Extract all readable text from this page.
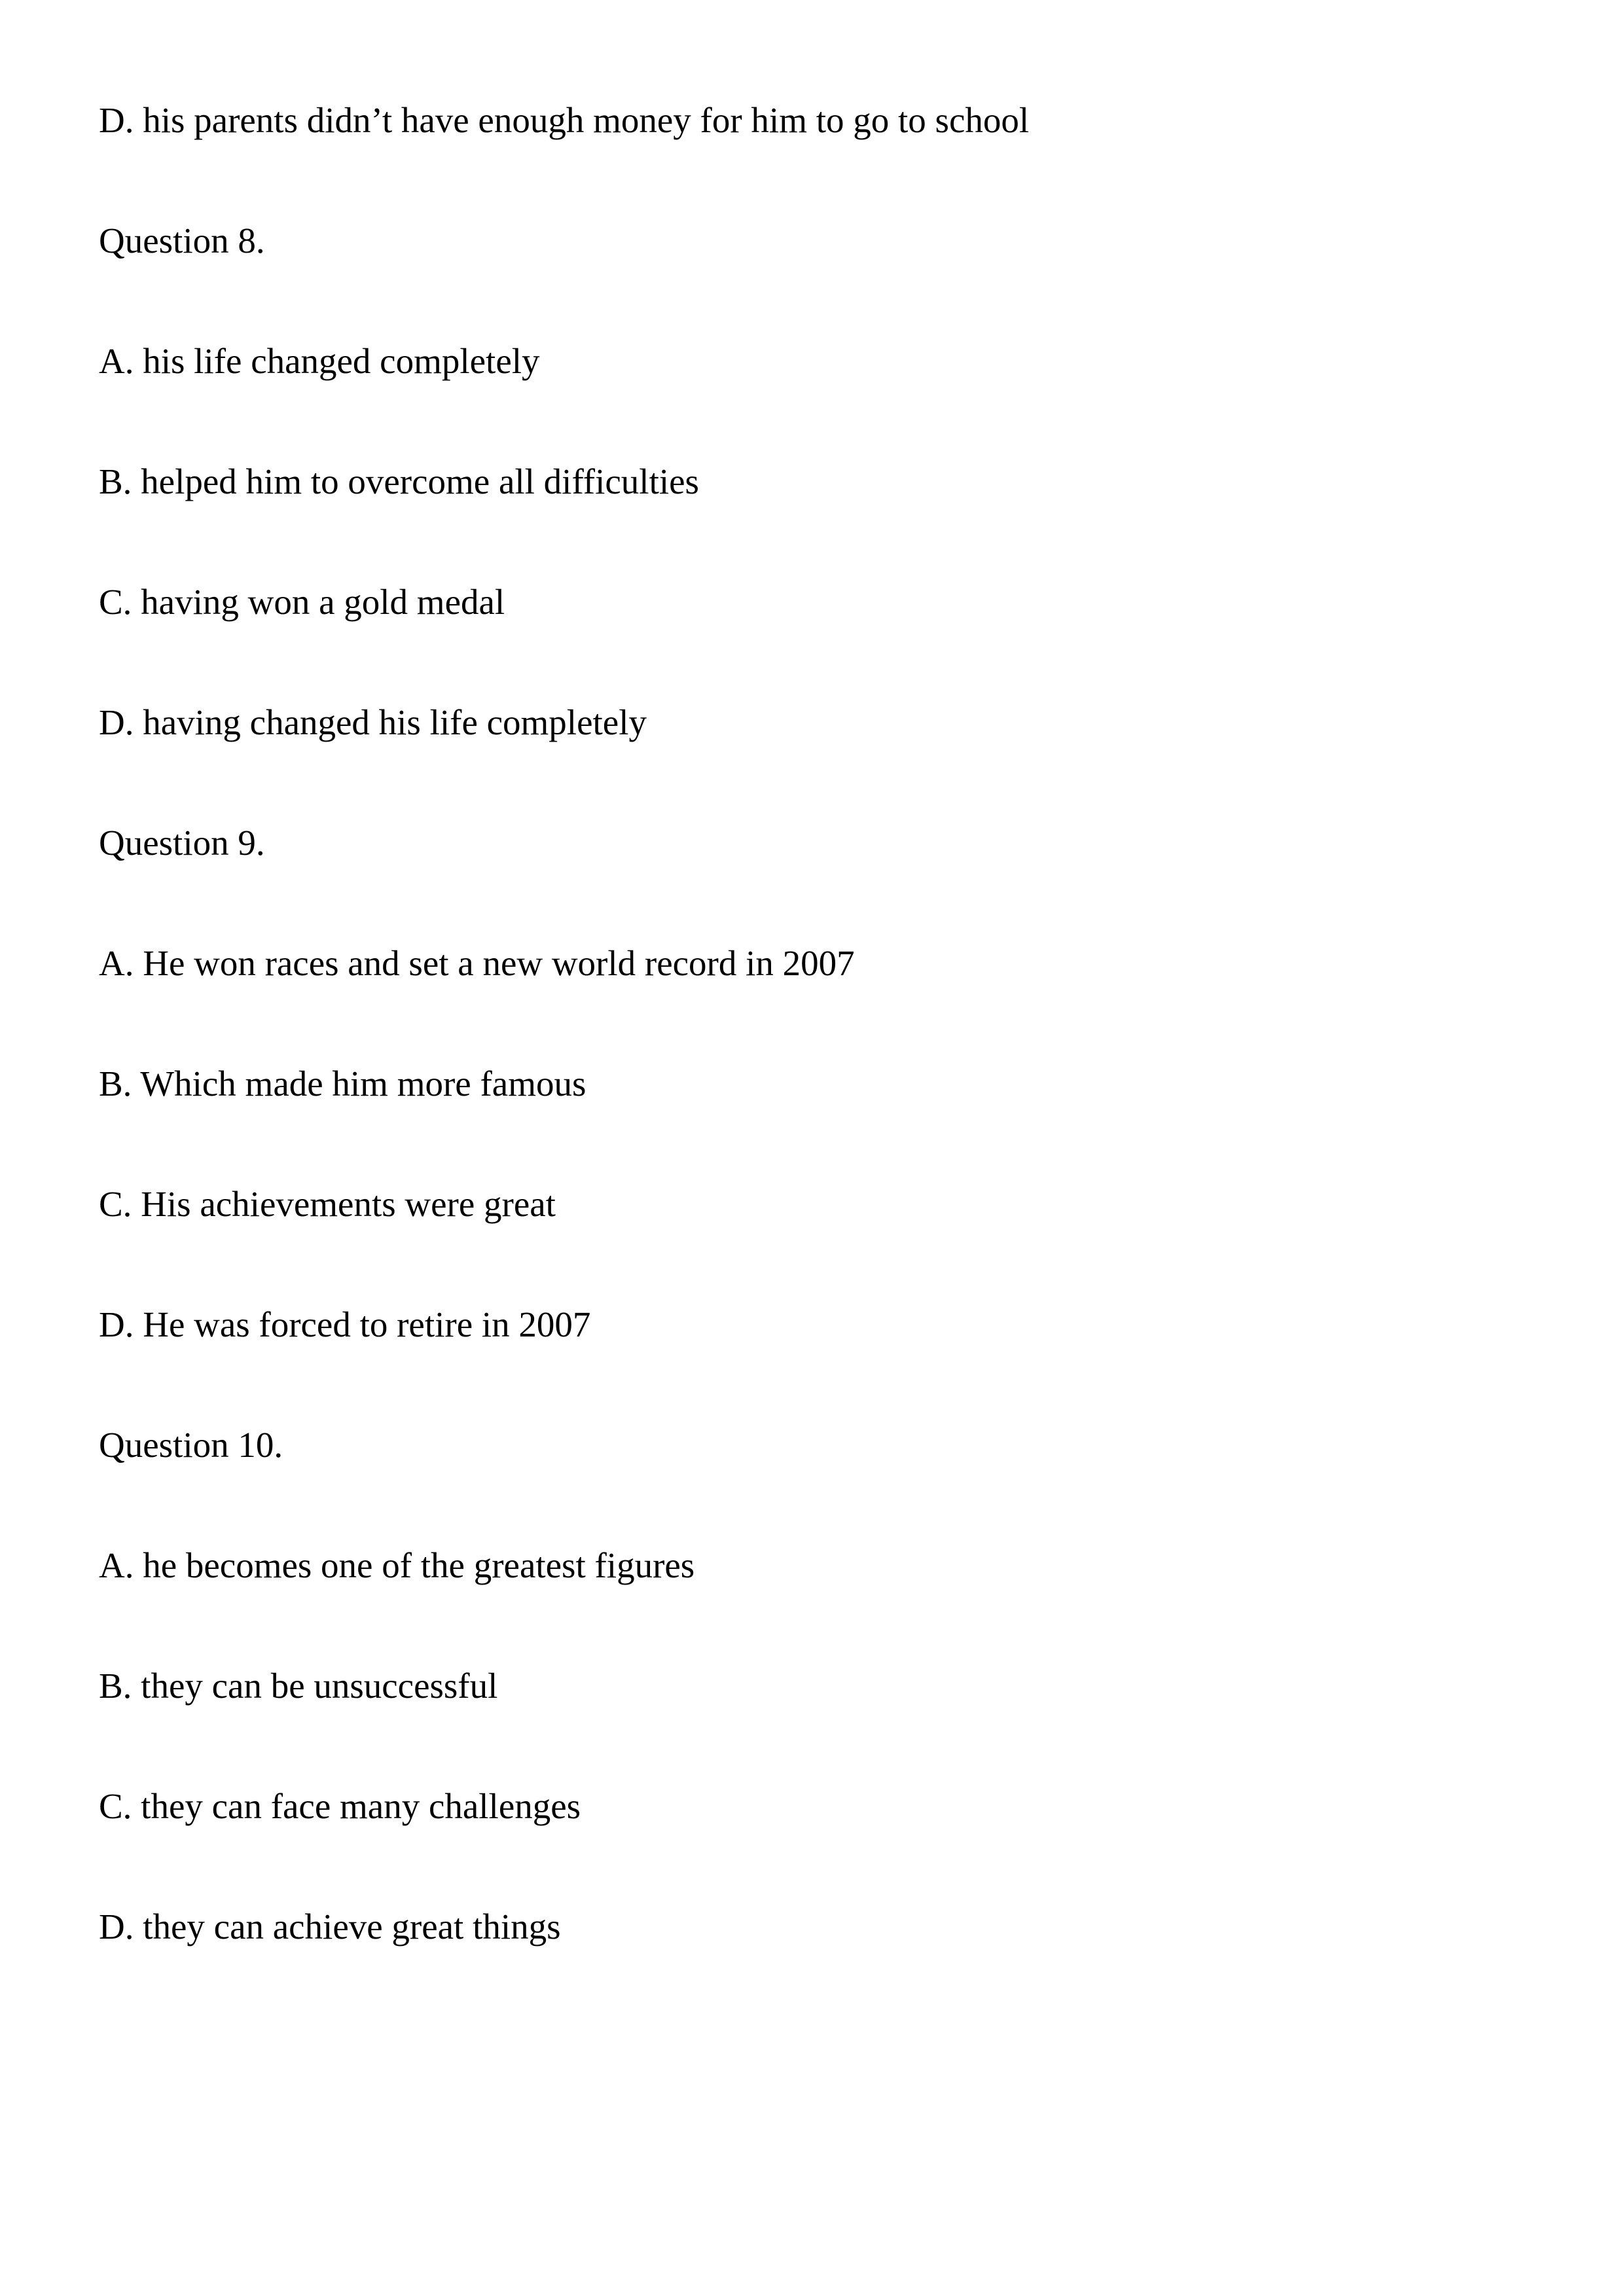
D. his parents didn’t have enough money for him to go to school
Question 8.
A. his life changed completely
B. helped him to overcome all difficulties
C. having won a gold medal
D. having changed his life completely
Question 9.
A. He won races and set a new world record in 2007
B. Which made him more famous
C. His achievements were great
D. He was forced to retire in 2007
Question 10.
A. he becomes one of the greatest figures
B. they can be unsuccessful
C. they can face many challenges
D. they can achieve great things
